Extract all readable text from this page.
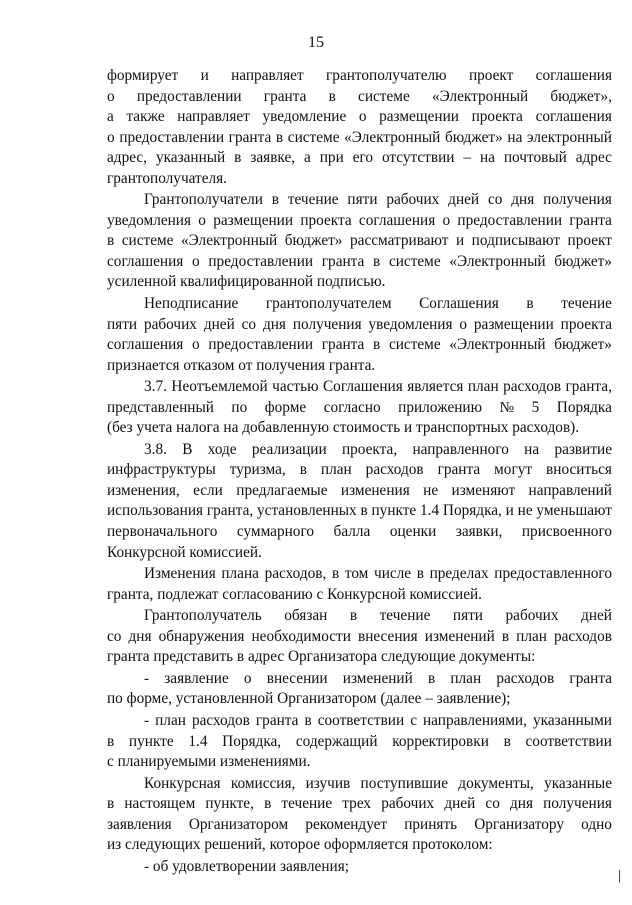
15
формирует и направляет грантополучателю проект соглашения
о предоставлении гранта в системе «Электронный бюджет»,
а также направляет уведомление о размещении проекта соглашения
о предоставлении гранта в системе «Электронный бюджет» на электронный
адрес, указанный в заявке, а при его отсутствии – на почтовый адрес
грантополучателя.
Грантополучатели в течение пяти рабочих дней со дня получения
уведомления о размещении проекта соглашения о предоставлении гранта
в системе «Электронный бюджет» рассматривают и подписывают проект
соглашения о предоставлении гранта в системе «Электронный бюджет»
усиленной квалифицированной подписью.
Неподписание грантополучателем Соглашения в течение
пяти рабочих дней со дня получения уведомления о размещении проекта
соглашения о предоставлении гранта в системе «Электронный бюджет»
признается отказом от получения гранта.
3.7. Неотъемлемой частью Соглашения является план расходов гранта,
представленный по форме согласно приложению № 5 Порядка
(без учета налога на добавленную стоимость и транспортных расходов).
3.8. В ходе реализации проекта, направленного на развитие
инфраструктуры туризма, в план расходов гранта могут вноситься
изменения, если предлагаемые изменения не изменяют направлений
использования гранта, установленных в пункте 1.4 Порядка, и не уменьшают
первоначального суммарного балла оценки заявки, присвоенного
Конкурсной комиссией.
Изменения плана расходов, в том числе в пределах предоставленного
гранта, подлежат согласованию с Конкурсной комиссией.
Грантополучатель обязан в течение пяти рабочих дней
со дня обнаружения необходимости внесения изменений в план расходов
гранта представить в адрес Организатора следующие документы:
- заявление о внесении изменений в план расходов гранта
по форме, установленной Организатором (далее – заявление);
- план расходов гранта в соответствии с направлениями, указанными
в пункте 1.4 Порядка, содержащий корректировки в соответствии
с планируемыми изменениями.
Конкурсная комиссия, изучив поступившие документы, указанные
в настоящем пункте, в течение трех рабочих дней со дня получения
заявления Организатором рекомендует принять Организатору одно
из следующих решений, которое оформляется протоколом:
- об удовлетворении заявления;	\
